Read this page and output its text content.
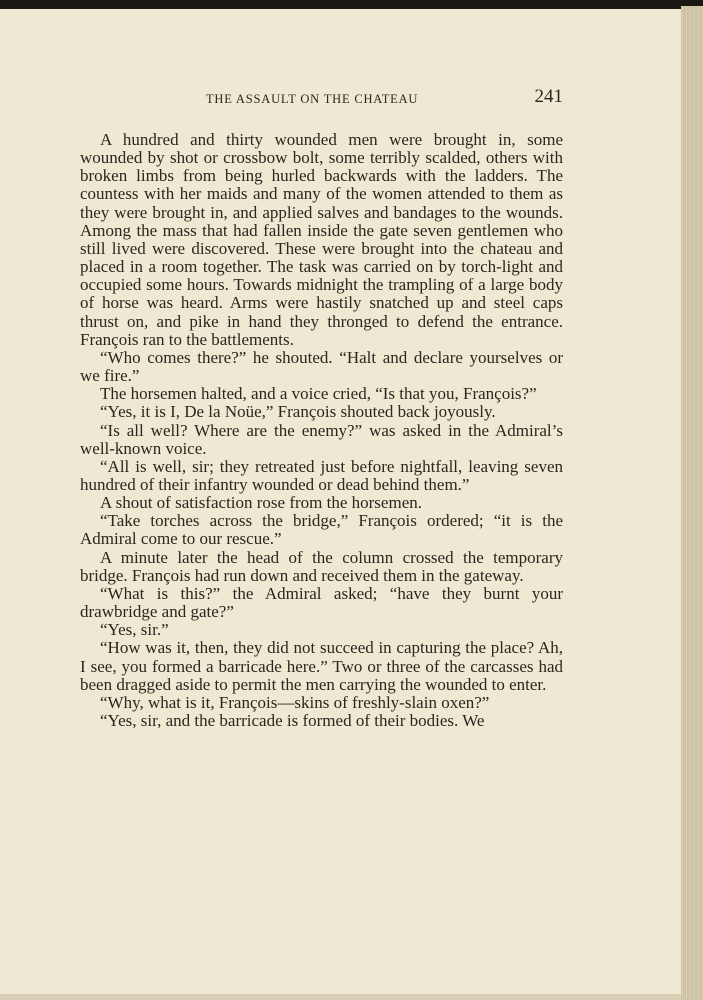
THE ASSAULT ON THE CHATEAU	241

A hundred and thirty wounded men were brought in, some wounded by shot or crossbow bolt, some terribly scalded, others with broken limbs from being hurled backwards with the ladders. The countess with her maids and many of the women attended to them as they were brought in, and applied salves and bandages to the wounds. Among the mass that had fallen inside the gate seven gentlemen who still lived were discovered. These were brought into the chateau and placed in a room together. The task was carried on by torch-light and occupied some hours. Towards midnight the trampling of a large body of horse was heard. Arms were hastily snatched up and steel caps thrust on, and pike in hand they thronged to defend the entrance. François ran to the battlements.

“Who comes there?” he shouted. “Halt and declare yourselves or we fire.”

The horsemen halted, and a voice cried, “Is that you, François?”

“Yes, it is I, De la Noüe,” François shouted back joyously.

“Is all well? Where are the enemy?” was asked in the Admiral’s well-known voice.

“All is well, sir; they retreated just before nightfall, leaving seven hundred of their infantry wounded or dead behind them.”

A shout of satisfaction rose from the horsemen.

“Take torches across the bridge,” François ordered; “it is the Admiral come to our rescue.”

A minute later the head of the column crossed the temporary bridge. François had run down and received them in the gateway.

“What is this?” the Admiral asked; “have they burnt your drawbridge and gate?”

“Yes, sir.”

“How was it, then, they did not succeed in capturing the place? Ah, I see, you formed a barricade here.” Two or three of the carcasses had been dragged aside to permit the men carrying the wounded to enter.

“Why, what is it, François—skins of freshly-slain oxen?”

“Yes, sir, and the barricade is formed of their bodies. We
